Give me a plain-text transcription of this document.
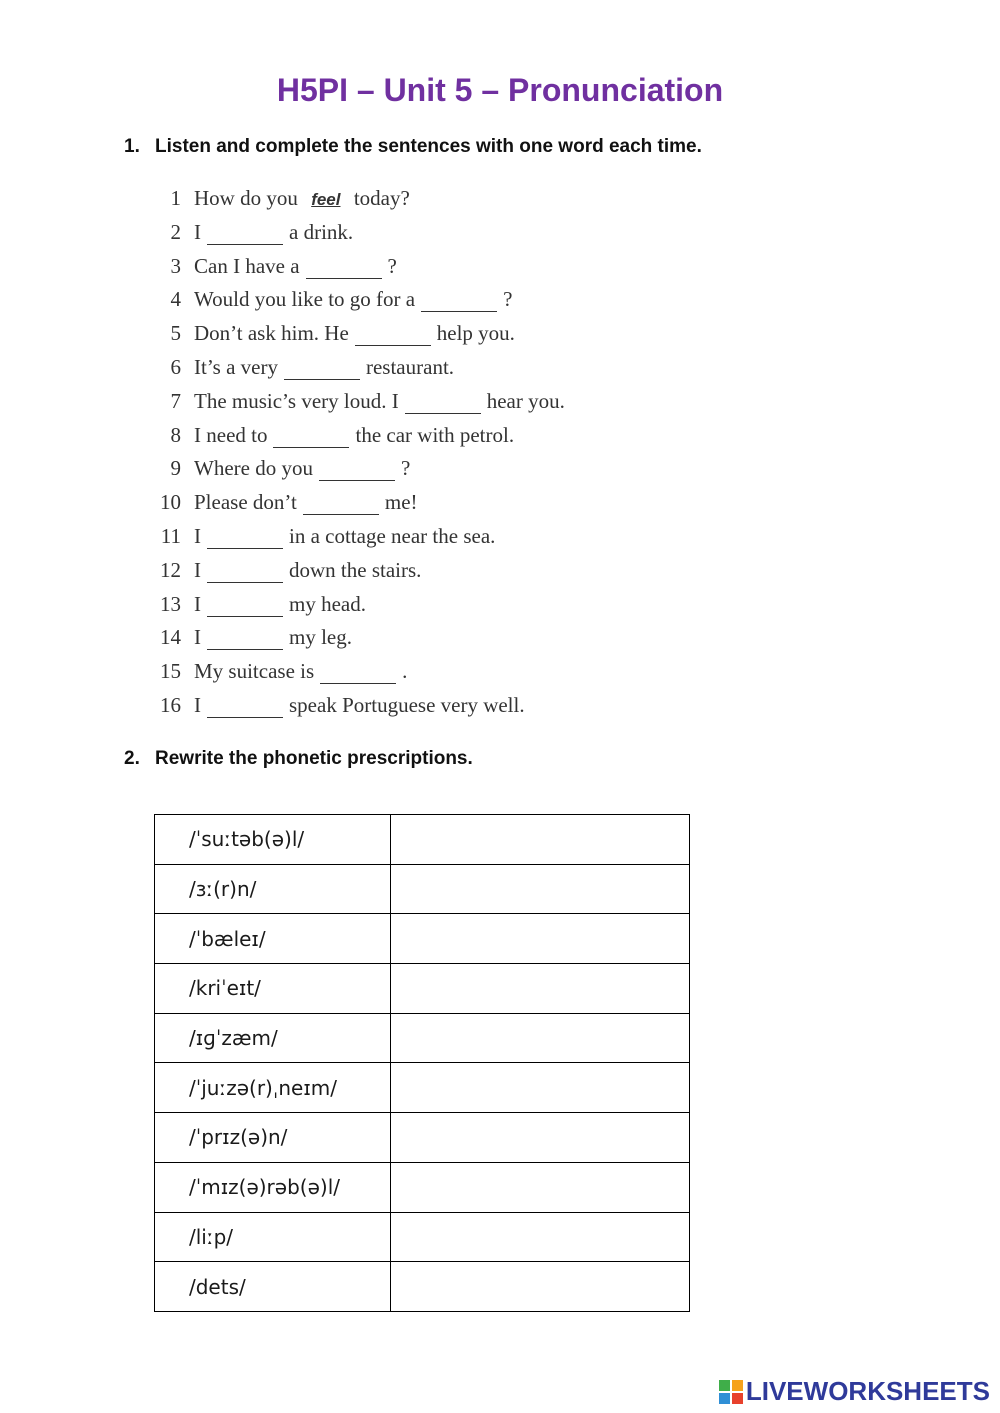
H5PI – Unit 5 – Pronunciation
1. Listen and complete the sentences with one word each time.
1 How do you feel today?
2 I	a drink.
3 Can I have a	?
4 Would you like to go for a	?
5 Don’t ask him. He	help you.
6 It’s a very	restaurant.
7 The music’s very loud. I	hear you.
8 I need to	the car with petrol.
9 Where do you	?
10 Please don’t	me!
11 I	in a cottage near the sea.
12 I	down the stairs.
13 I	my head.
14 I	my leg.
15 My suitcase is	.
16 I	speak Portuguese very well.
2. Rewrite the phonetic prescriptions.
/ˈsuːtəb(ə)l/	
/ɜː(r)n/	
/ˈbæleɪ/	
/kriˈeɪt/	
/ɪɡˈzæm/	
/ˈjuːzə(r)ˌneɪm/	
/ˈprɪz(ə)n/	
/ˈmɪz(ə)rəb(ə)l/	
/liːp/	
/dets/	
LIVEWORKSHEETS
